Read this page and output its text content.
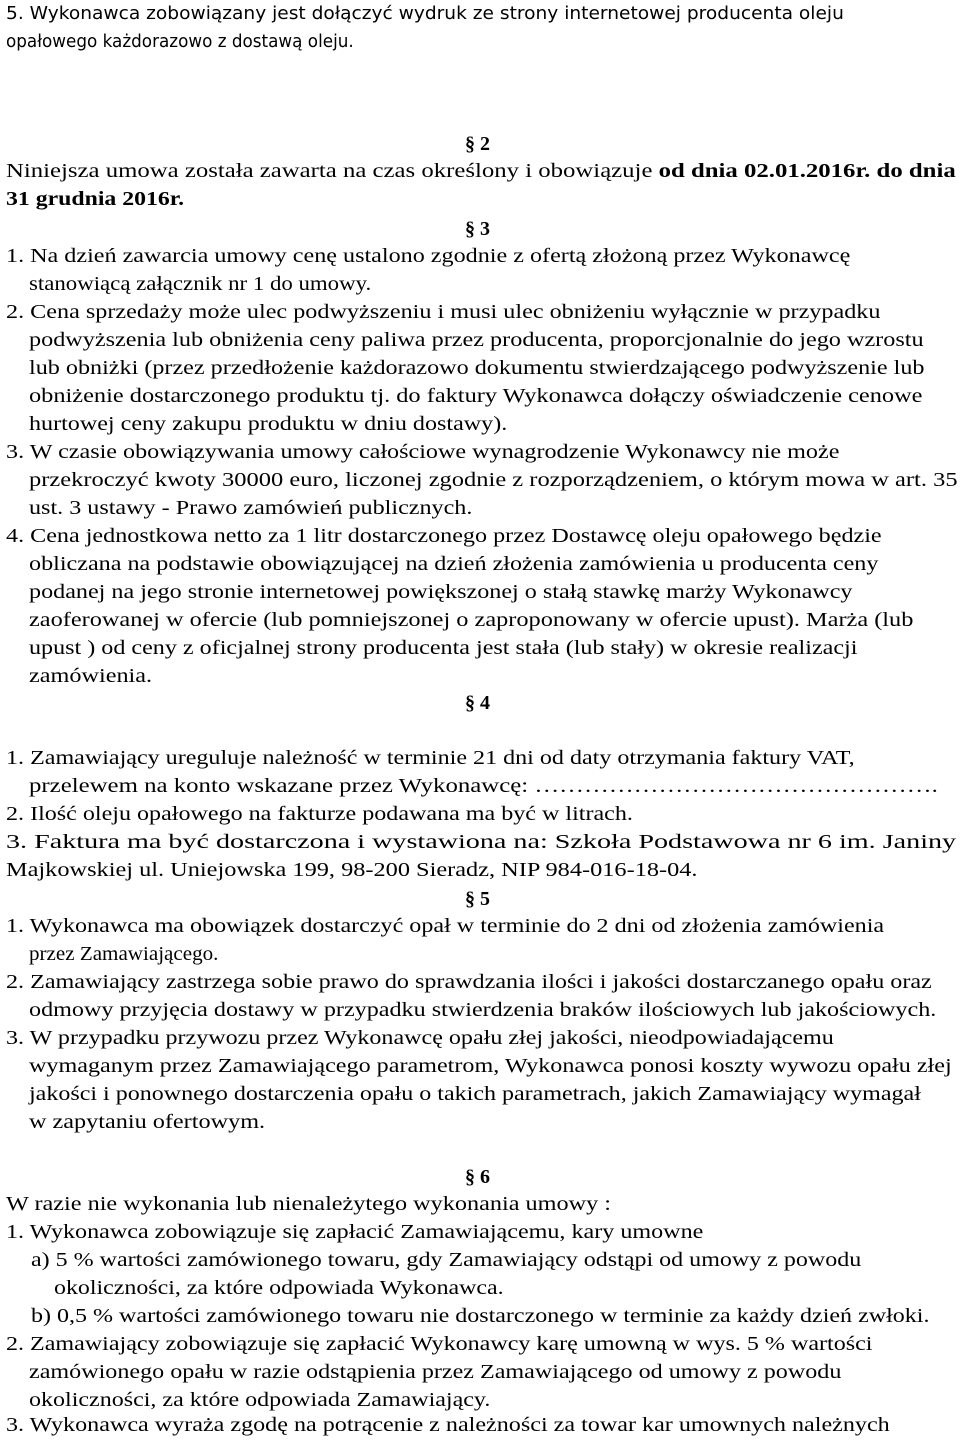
5. Wykonawca zobowiązany jest dołączyć wydruk ze strony internetowej producenta oleju
opałowego każdorazowo z dostawą oleju.
§ 2
Niniejsza umowa została zawarta na czas określony i obowiązuje od dnia 02.01.2016r. do dnia
31 grudnia 2016r.
§ 3
1. Na dzień zawarcia umowy cenę ustalono zgodnie z ofertą złożoną przez Wykonawcę
stanowiącą załącznik nr 1 do umowy.
2. Cena sprzedaży może ulec podwyższeniu i musi ulec obniżeniu wyłącznie w przypadku
podwyższenia lub obniżenia ceny paliwa przez producenta, proporcjonalnie do jego wzrostu
lub obniżki (przez przedłożenie każdorazowo dokumentu stwierdzającego podwyższenie lub
obniżenie dostarczonego produktu tj. do faktury Wykonawca dołączy oświadczenie cenowe
hurtowej ceny zakupu produktu w dniu dostawy).
3. W czasie obowiązywania umowy całościowe wynagrodzenie Wykonawcy nie może
przekroczyć kwoty 30000 euro, liczonej zgodnie z rozporządzeniem, o którym mowa w art. 35
ust. 3 ustawy - Prawo zamówień publicznych.
4. Cena jednostkowa netto za 1 litr dostarczonego przez Dostawcę oleju opałowego będzie
obliczana na podstawie obowiązującej na dzień złożenia zamówienia u producenta ceny
podanej na jego stronie internetowej powiększonej o stałą stawkę marży Wykonawcy
zaoferowanej w ofercie (lub pomniejszonej o zaproponowany w ofercie upust). Marża (lub
upust ) od ceny z oficjalnej strony producenta jest stała (lub stały) w okresie realizacji
zamówienia.
§ 4
1. Zamawiający ureguluje należność w terminie 21 dni od daty otrzymania faktury VAT,
przelewem na konto wskazane przez Wykonawcę: ………………………………………….
2. Ilość oleju opałowego na fakturze podawana ma być w litrach.
3. Faktura ma być dostarczona i wystawiona na: Szkoła Podstawowa nr 6 im. Janiny
Majkowskiej ul. Uniejowska 199, 98-200 Sieradz, NIP 984-016-18-04.
§ 5
1. Wykonawca ma obowiązek dostarczyć opał w terminie do 2 dni od złożenia zamówienia
przez Zamawiającego.
2. Zamawiający zastrzega sobie prawo do sprawdzania ilości i jakości dostarczanego opału oraz
odmowy przyjęcia dostawy w przypadku stwierdzenia braków ilościowych lub jakościowych.
3. W przypadku przywozu przez Wykonawcę opału złej jakości, nieodpowiadającemu
wymaganym przez Zamawiającego parametrom, Wykonawca ponosi koszty wywozu opału złej
jakości i ponownego dostarczenia opału o takich parametrach, jakich Zamawiający wymagał
w zapytaniu ofertowym.
§ 6
W razie nie wykonania lub nienależytego wykonania umowy :
1. Wykonawca zobowiązuje się zapłacić Zamawiającemu, kary umowne
a) 5 % wartości zamówionego towaru, gdy Zamawiający odstąpi od umowy z powodu
okoliczności, za które odpowiada Wykonawca.
b) 0,5 % wartości zamówionego towaru nie dostarczonego w terminie za każdy dzień zwłoki.
2. Zamawiający zobowiązuje się zapłacić Wykonawcy karę umowną w wys. 5 % wartości
zamówionego opału w razie odstąpienia przez Zamawiającego od umowy z powodu
okoliczności, za które odpowiada Zamawiający.
3. Wykonawca wyraża zgodę na potrącenie z należności za towar kar umownych należnych
